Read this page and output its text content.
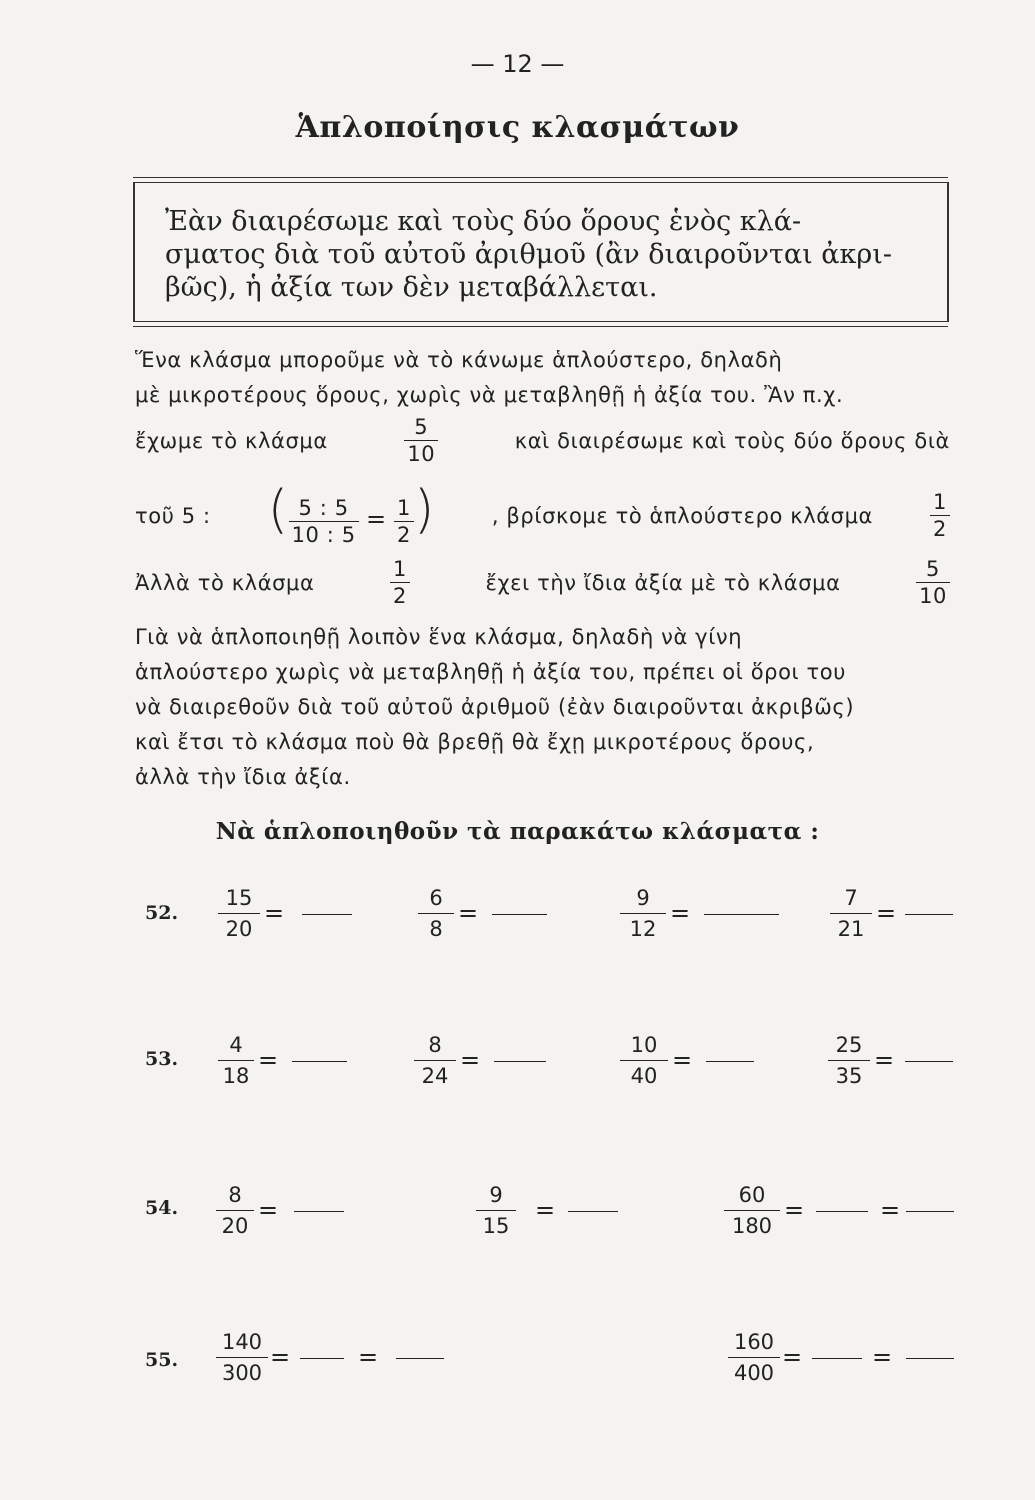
— 12 —
Ἁπλοποίησις κλασμάτων
Ἐὰν διαιρέσωμε καὶ τοὺς δύο ὅρους ἑνὸς κλά-
σματος διὰ τοῦ αὐτοῦ ἀριθμοῦ (ἂν διαιροῦνται ἀκρι-
βῶς), ἡ ἀξία των δὲν μεταβάλλεται.
Ἕνα κλάσμα μποροῦμε νὰ τὸ κάνωμε ἁπλούστερο, δηλαδὴ
μὲ μικροτέρους ὅρους, χωρὶς νὰ μεταβληθῇ ἡ ἀξία του. Ἂν π.χ.
ἔχωμε τὸ κλάσμα	$\frac{5}{10}$	καὶ διαιρέσωμε καὶ τοὺς δύο ὅρους διὰ
τοῦ 5 : ( $\frac{5 : 5}{10 : 5} = \frac{1}{2}$ )	, βρίσκομε τὸ ἁπλούστερο κλάσμα	$\frac{1}{2}$
Ἀλλὰ τὸ κλάσμα	$\frac{1}{2}$	ἔχει τὴν ἴδια ἀξία μὲ τὸ κλάσμα	$\frac{5}{10}$
Γιὰ νὰ ἁπλοποιηθῇ λοιπὸν ἕνα κλάσμα, δηλαδὴ νὰ γίνη
ἁπλούστερο χωρὶς νὰ μεταβληθῇ ἡ ἀξία του, πρέπει οἱ ὅροι του
νὰ διαιρεθοῦν διὰ τοῦ αὐτοῦ ἀριθμοῦ (ἐὰν διαιροῦνται ἀκριβῶς)
καὶ ἔτσι τὸ κλάσμα ποὺ θὰ βρεθῇ θὰ ἔχῃ μικροτέρους ὅρους,
ἀλλὰ τὴν ἴδια ἀξία.
Νὰ ἁπλοποιηθοῦν τὰ παρακάτω κλάσματα :
52. $\frac{15}{20}$ =	$\frac{6}{8}$ =	$\frac{9}{12}$ =	$\frac{7}{21}$ =
53. $\frac{4}{18}$ =	$\frac{8}{24}$ =	$\frac{10}{40}$ =	$\frac{25}{35}$ =
54. $\frac{8}{20}$ =	$\frac{9}{15}$ =	$\frac{60}{180}$ =	=
55. $\frac{140}{300}$ =	=	$\frac{160}{400}$ =	=
